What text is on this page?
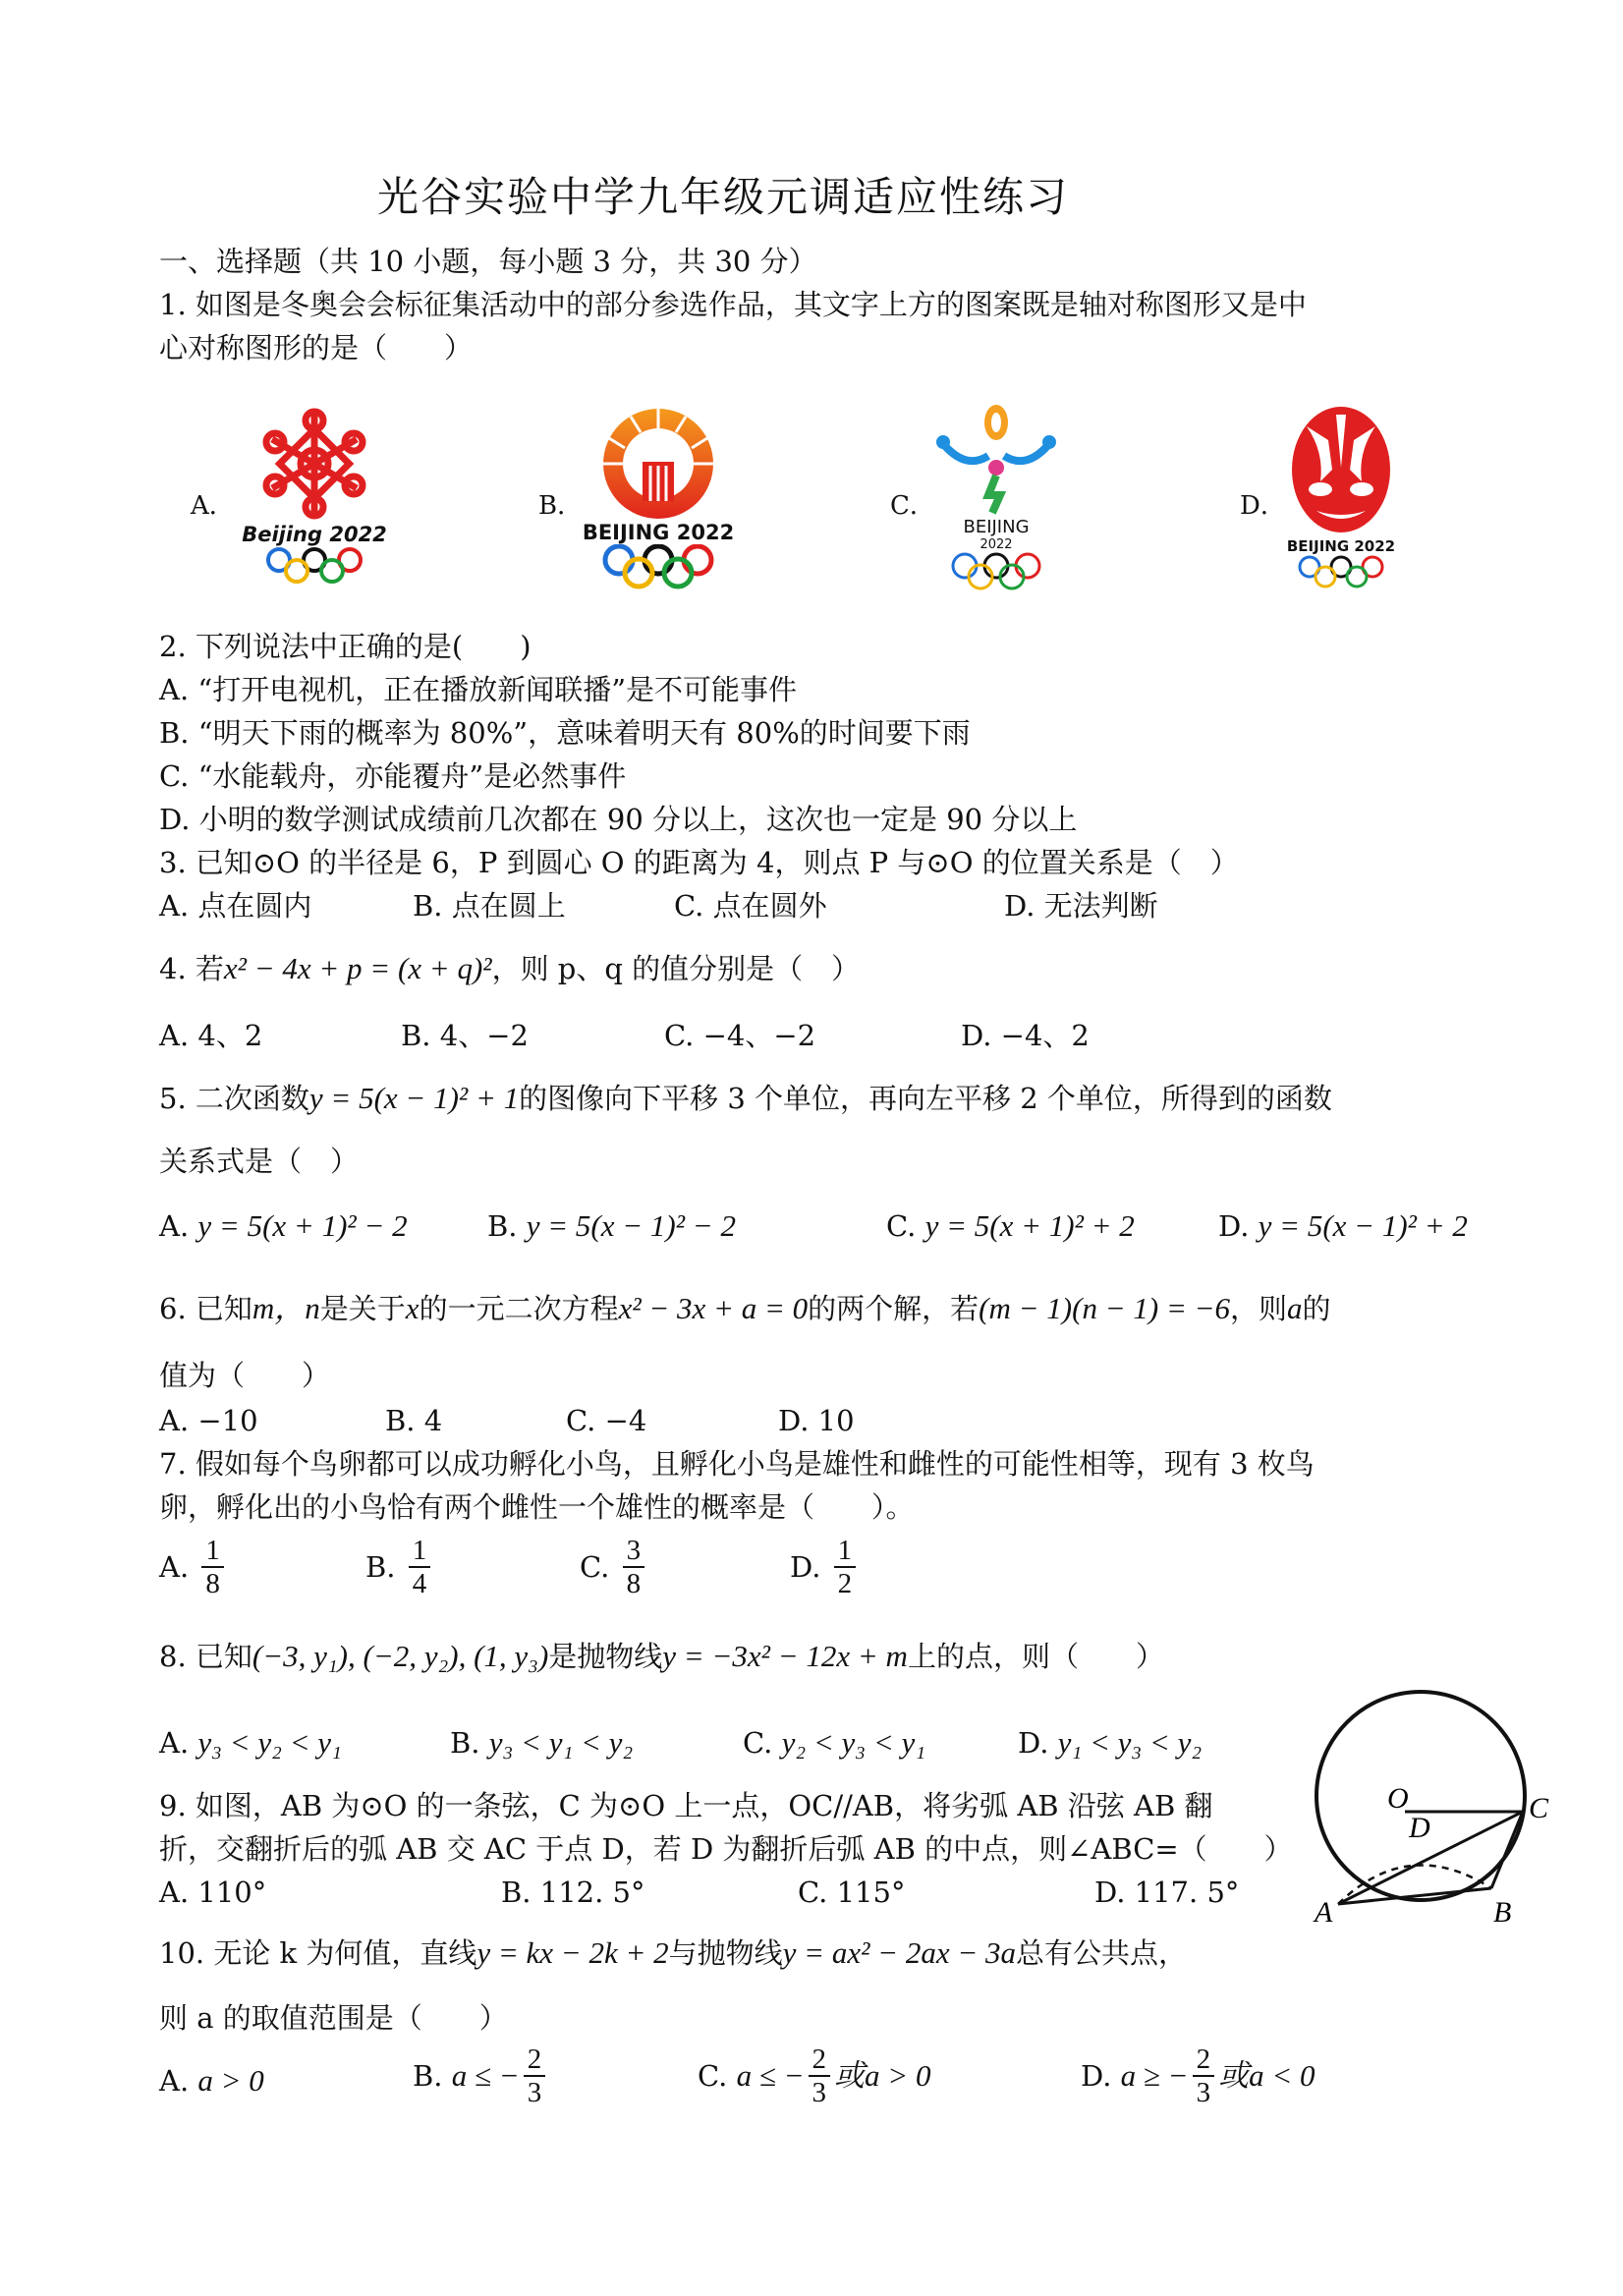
光谷实验中学九年级元调适应性练习
一、选择题（共 10 小题，每小题 3 分，共 30 分）
1. 如图是冬奥会会标征集活动中的部分参选作品，其文字上方的图案既是轴对称图形又是中
心对称图形的是（　　）
A．	B．	C．	D．
Beijing 2022	BEIJING 2022	BEIJING
2022	BEIJING 2022
2. 下列说法中正确的是(　　)
A. “打开电视机，正在播放新闻联播”是不可能事件
B. “明天下雨的概率为 80%”，意味着明天有 80%的时间要下雨
C. “水能载舟，亦能覆舟”是必然事件
D. 小明的数学测试成绩前几次都在 90 分以上，这次也一定是 90 分以上
3. 已知⊙O 的半径是 6，P 到圆心 O 的距离为 4，则点 P 与⊙O 的位置关系是（　）
A. 点在圆内	B. 点在圆上	C. 点在圆外	D. 无法判断
4. 若x² − 4x + p = (x + q)²，则 p、q 的值分别是（　）
A. 4、2	B. 4、−2	C. −4、−2	D. −4、2
5. 二次函数y = 5(x − 1)² + 1的图像向下平移 3 个单位，再向左平移 2 个单位，所得到的函数
关系式是（　）
A. y = 5(x + 1)² − 2	B. y = 5(x − 1)² − 2	C. y = 5(x + 1)² + 2	D. y = 5(x − 1)² + 2
6. 已知m，n是关于x的一元二次方程x² − 3x + a = 0的两个解，若(m − 1)(n − 1) = −6，则a的
值为（　　）
A. −10	B. 4	C. −4	D. 10
7. 假如每个鸟卵都可以成功孵化小鸟，且孵化小鸟是雄性和雌性的可能性相等，现有 3 枚鸟
卵，孵化出的小鸟恰有两个雌性一个雄性的概率是（　　）。
A. $\frac{1}{8}$	B. $\frac{1}{4}$	C. $\frac{3}{8}$	D. $\frac{1}{2}$
8. 已知(−3, y₁), (−2, y₂), (1, y₃)是抛物线y = −3x² − 12x + m上的点，则（　　）
A. y₃ < y₂ < y₁	B. y₃ < y₁ < y₂	C. y₂ < y₃ < y₁	D. y₁ < y₃ < y₂
9. 如图，AB 为⊙O 的一条弦，C 为⊙O 上一点，OC//AB，将劣弧 AB 沿弦 AB 翻
折，交翻折后的弧 AB 交 AC 于点 D，若 D 为翻折后弧 AB 的中点，则∠ABC=（　　）
A. 110°	B. 112. 5°	C. 115°	D. 117. 5°
O	C
D
A	B
10. 无论 k 为何值，直线y = kx − 2k + 2与抛物线y = ax² − 2ax − 3a总有公共点，
则 a 的取值范围是（　　）
A. a > 0	B. a ≤ − $\frac{2}{3}$	C. a ≤ − $\frac{2}{3}$ 或a > 0	D. a ≥ − $\frac{2}{3}$ 或a < 0
